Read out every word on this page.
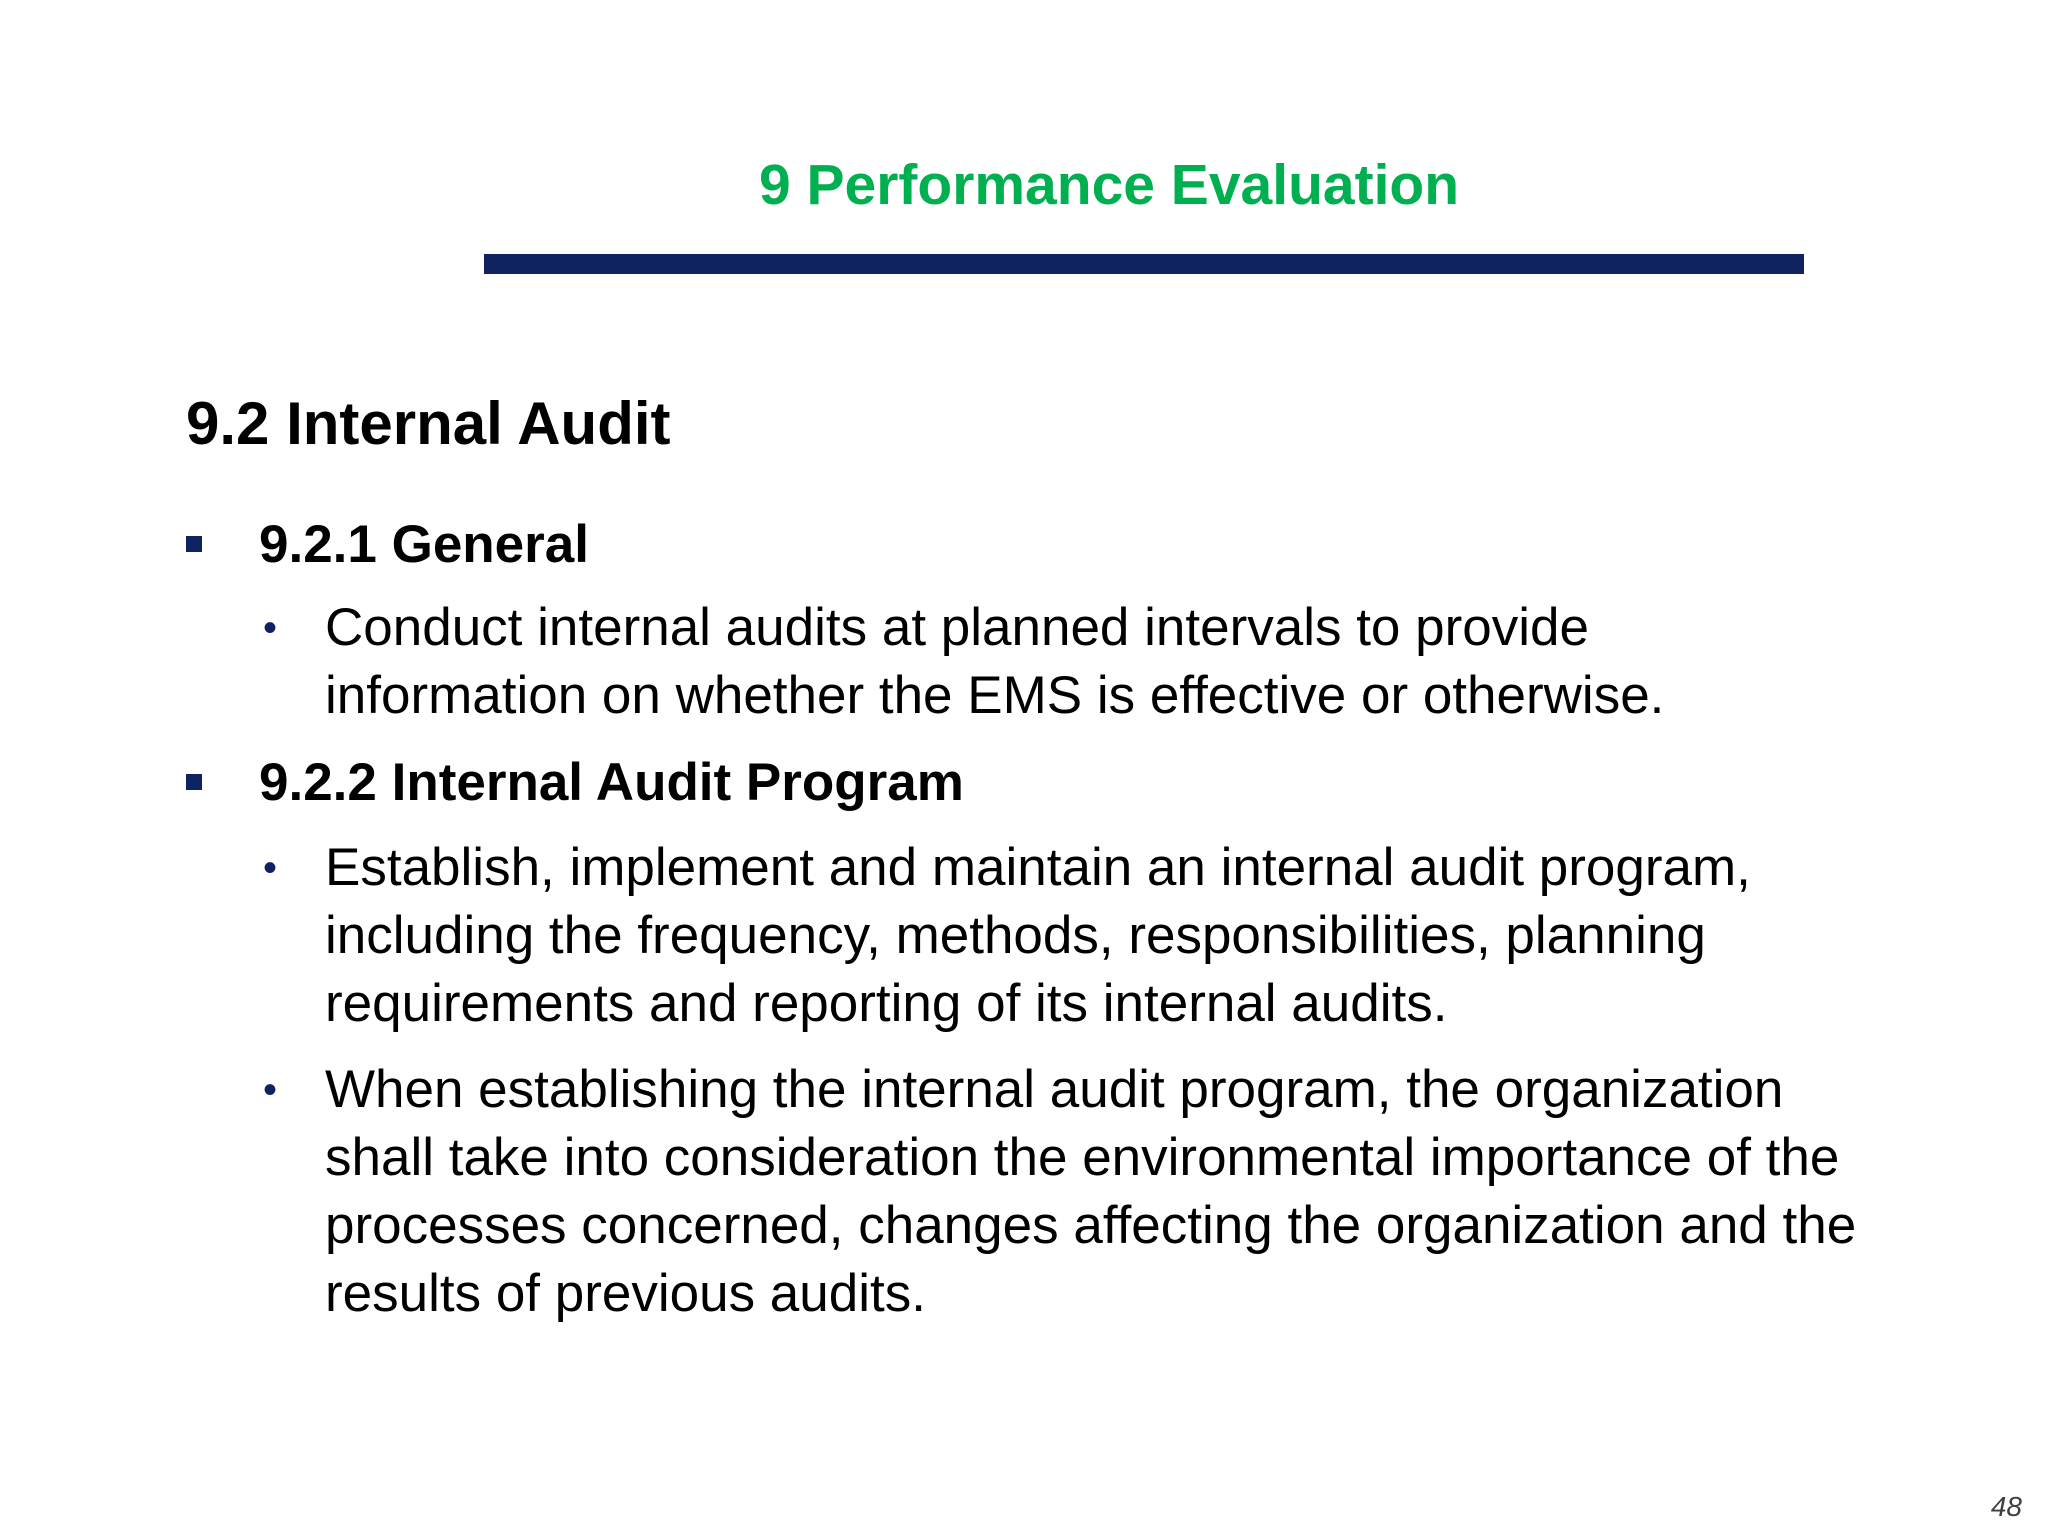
9 Performance Evaluation
9.2 Internal Audit
9.2.1 General
• Conduct internal audits at planned intervals to provide
information on whether the EMS is effective or otherwise.
9.2.2 Internal Audit Program
• Establish, implement and maintain an internal audit program,
including the frequency, methods, responsibilities, planning
requirements and reporting of its internal audits.
• When establishing the internal audit program, the organization
shall take into consideration the environmental importance of the
processes concerned, changes affecting the organization and the
results of previous audits.
48
